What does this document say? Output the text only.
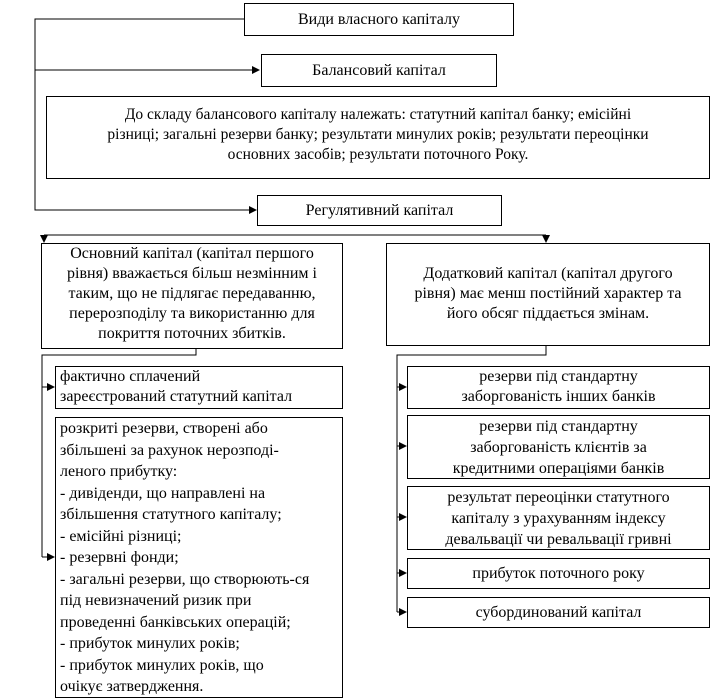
Види власного капіталу
Балансовий капітал
До складу балансового капіталу належать: статутний капітал банку; емісійні
різниці; загальні резерви банку; результати минулих років; результати переоцінки
основних засобів; результати поточного Року.
Регулятивний капітал
Основний капітал (капітал першого
рівня) вважається більш незмінним і
таким, що не підлягає передаванню,
перерозподілу та використанню для
покриття поточних збитків.
фактично сплачений
зареєстрований статутний капітал
розкриті резерви, створені або
збільшені за рахунок нерозподі-
леного прибутку:
- дивіденди, що направлені на
збільшення статутного капіталу;
- емісійні різниці;
- резервні фонди;
- загальні резерви, що створюють-ся
під невизначений ризик при
проведенні банківських операцій;
- прибуток минулих років;
- прибуток минулих років, що
очікує затвердження.
Додатковий капітал (капітал другого
рівня) має менш постійний характер та
його обсяг піддається змінам.
резерви під стандартну
заборгованість інших банків
резерви під стандартну
заборгованість клієнтів за
кредитними операціями банків
результат переоцінки статутного
капіталу з урахуванням індексу
девальвації чи ревальвації гривні
прибуток поточного року
субординований капітал
